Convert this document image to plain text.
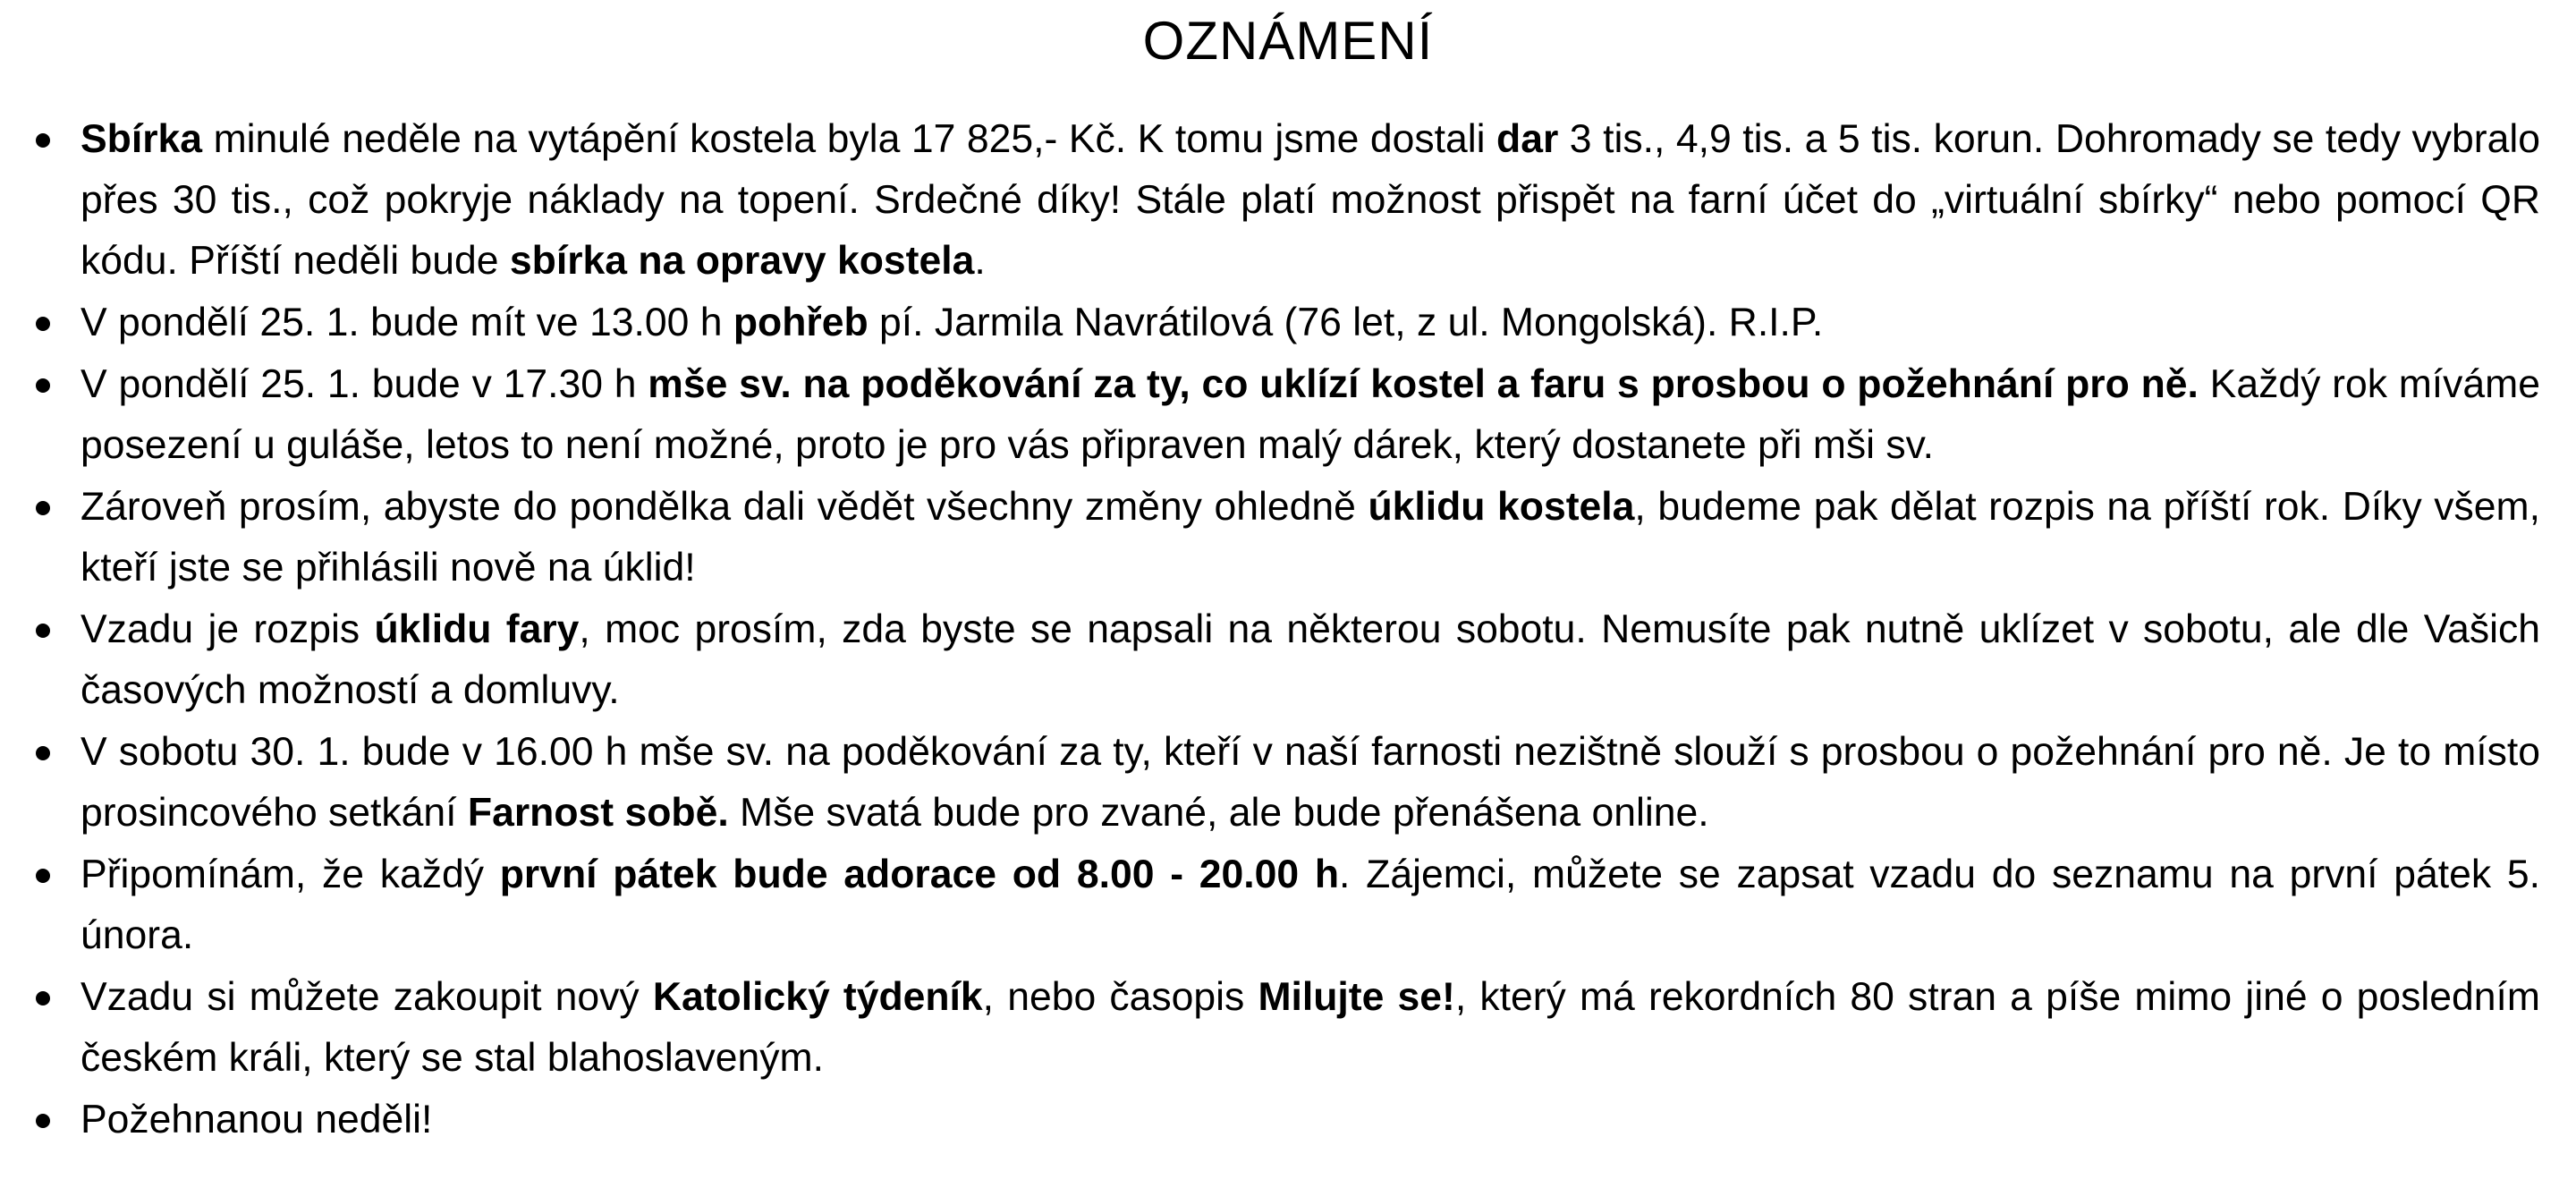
OZNÁMENÍ
Sbírka minulé neděle na vytápění kostela byla 17 825,- Kč. K tomu jsme dostali dar 3 tis., 4,9 tis. a 5 tis. korun. Dohromady se tedy vybralo přes 30 tis., což pokryje náklady na topení. Srdečné díky! Stále platí možnost přispět na farní účet do „virtuální sbírky“ nebo pomocí QR kódu. Příští neděli bude sbírka na opravy kostela.
V pondělí 25. 1. bude mít ve 13.00 h pohřeb pí. Jarmila Navrátilová (76 let, z ul. Mongolská). R.I.P.
V pondělí 25. 1. bude v 17.30 h mše sv. na poděkování za ty, co uklízí kostel a faru s prosbou o požehnání pro ně. Každý rok míváme posezení u guláše, letos to není možné, proto je pro vás připraven malý dárek, který dostanete při mši sv.
Zároveň prosím, abyste do pondělka dali vědět všechny změny ohledně úklidu kostela, budeme pak dělat rozpis na příští rok. Díky všem, kteří jste se přihlásili nově na úklid!
Vzadu je rozpis úklidu fary, moc prosím, zda byste se napsali na některou sobotu. Nemusíte pak nutně uklízet v sobotu, ale dle Vašich časových možností a domluvy.
V sobotu 30. 1. bude v 16.00 h mše sv. na poděkování za ty, kteří v naší farnosti nezištně slouží s prosbou o požehnání pro ně. Je to místo prosincového setkání Farnost sobě. Mše svatá bude pro zvané, ale bude přenášena online.
Připomínám, že každý první pátek bude adorace od 8.00 - 20.00 h. Zájemci, můžete se zapsat vzadu do seznamu na první pátek 5. února.
Vzadu si můžete zakoupit nový Katolický týdeník, nebo časopis Milujte se!, který má rekordních 80 stran a píše mimo jiné o posledním českém králi, který se stal blahoslaveným.
Požehnanou neděli!
